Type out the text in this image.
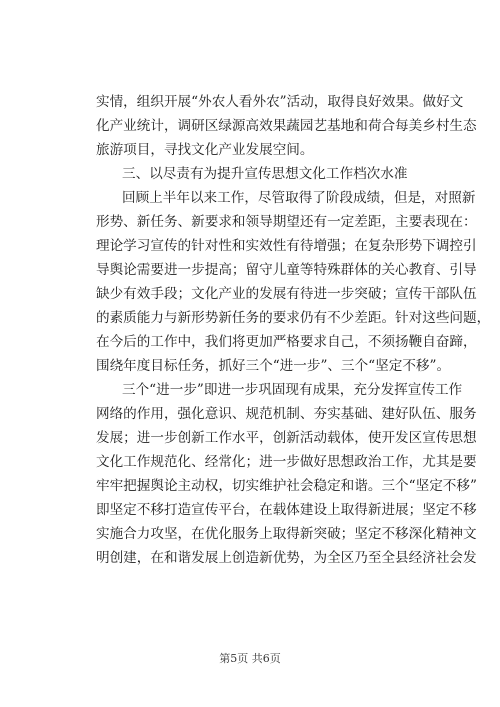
实情，组织开展“外农人看外农”活动，取得良好效果。做好文
化产业统计，调研区绿源高效果蔬园艺基地和荷合每美乡村生态
旅游项目，寻找文化产业发展空间。
三、以尽责有为提升宣传思想文化工作档次水准
回顾上半年以来工作，尽管取得了阶段成绩，但是，对照新
形势、新任务、新要求和领导期望还有一定差距，主要表现在：
理论学习宣传的针对性和实效性有待增强；在复杂形势下调控引
导舆论需要进一步提高；留守儿童等特殊群体的关心教育、引导
缺少有效手段；文化产业的发展有待进一步突破；宣传干部队伍
的素质能力与新形势新任务的要求仍有不少差距。针对这些问题，
在今后的工作中，我们将更加严格要求自己，不须扬鞭自奋蹄，
围绕年度目标任务，抓好三个“进一步”、三个“坚定不移”。
三个“进一步”即进一步巩固现有成果，充分发挥宣传工作
网络的作用，强化意识、规范机制、夯实基础、建好队伍、服务
发展；进一步创新工作水平，创新活动载体，使开发区宣传思想
文化工作规范化、经常化；进一步做好思想政治工作，尤其是要
牢牢把握舆论主动权，切实维护社会稳定和谐。三个“坚定不移”
即坚定不移打造宣传平台，在载体建设上取得新进展；坚定不移
实施合力攻坚，在优化服务上取得新突破；坚定不移深化精神文
明创建，在和谐发展上创造新优势，为全区乃至全县经济社会发
第5页 共6页
